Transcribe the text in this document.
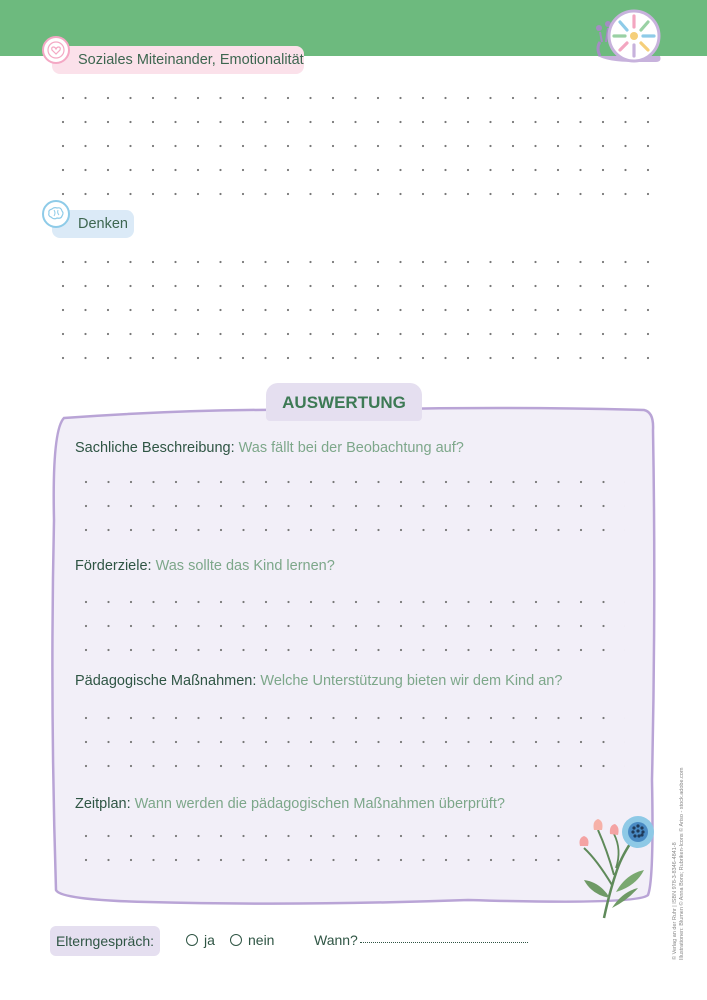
Soziales Miteinander, Emotionalität
Denken
AUSWERTUNG
Sachliche Beschreibung: Was fällt bei der Beobachtung auf?
Förderziele: Was sollte das Kind lernen?
Pädagogische Maßnahmen: Welche Unterstützung bieten wir dem Kind an?
Zeitplan: Wann werden die pädagogischen Maßnahmen überprüft?
Elterngespräch:	ja	nein	Wann?	© Verlag an der Ruhr | ISBN 978-3-8346-4841-8 Illustrationen: Blumen © Anna Bons; Rubriken-Icons © Ariso - stock.adobe.com
